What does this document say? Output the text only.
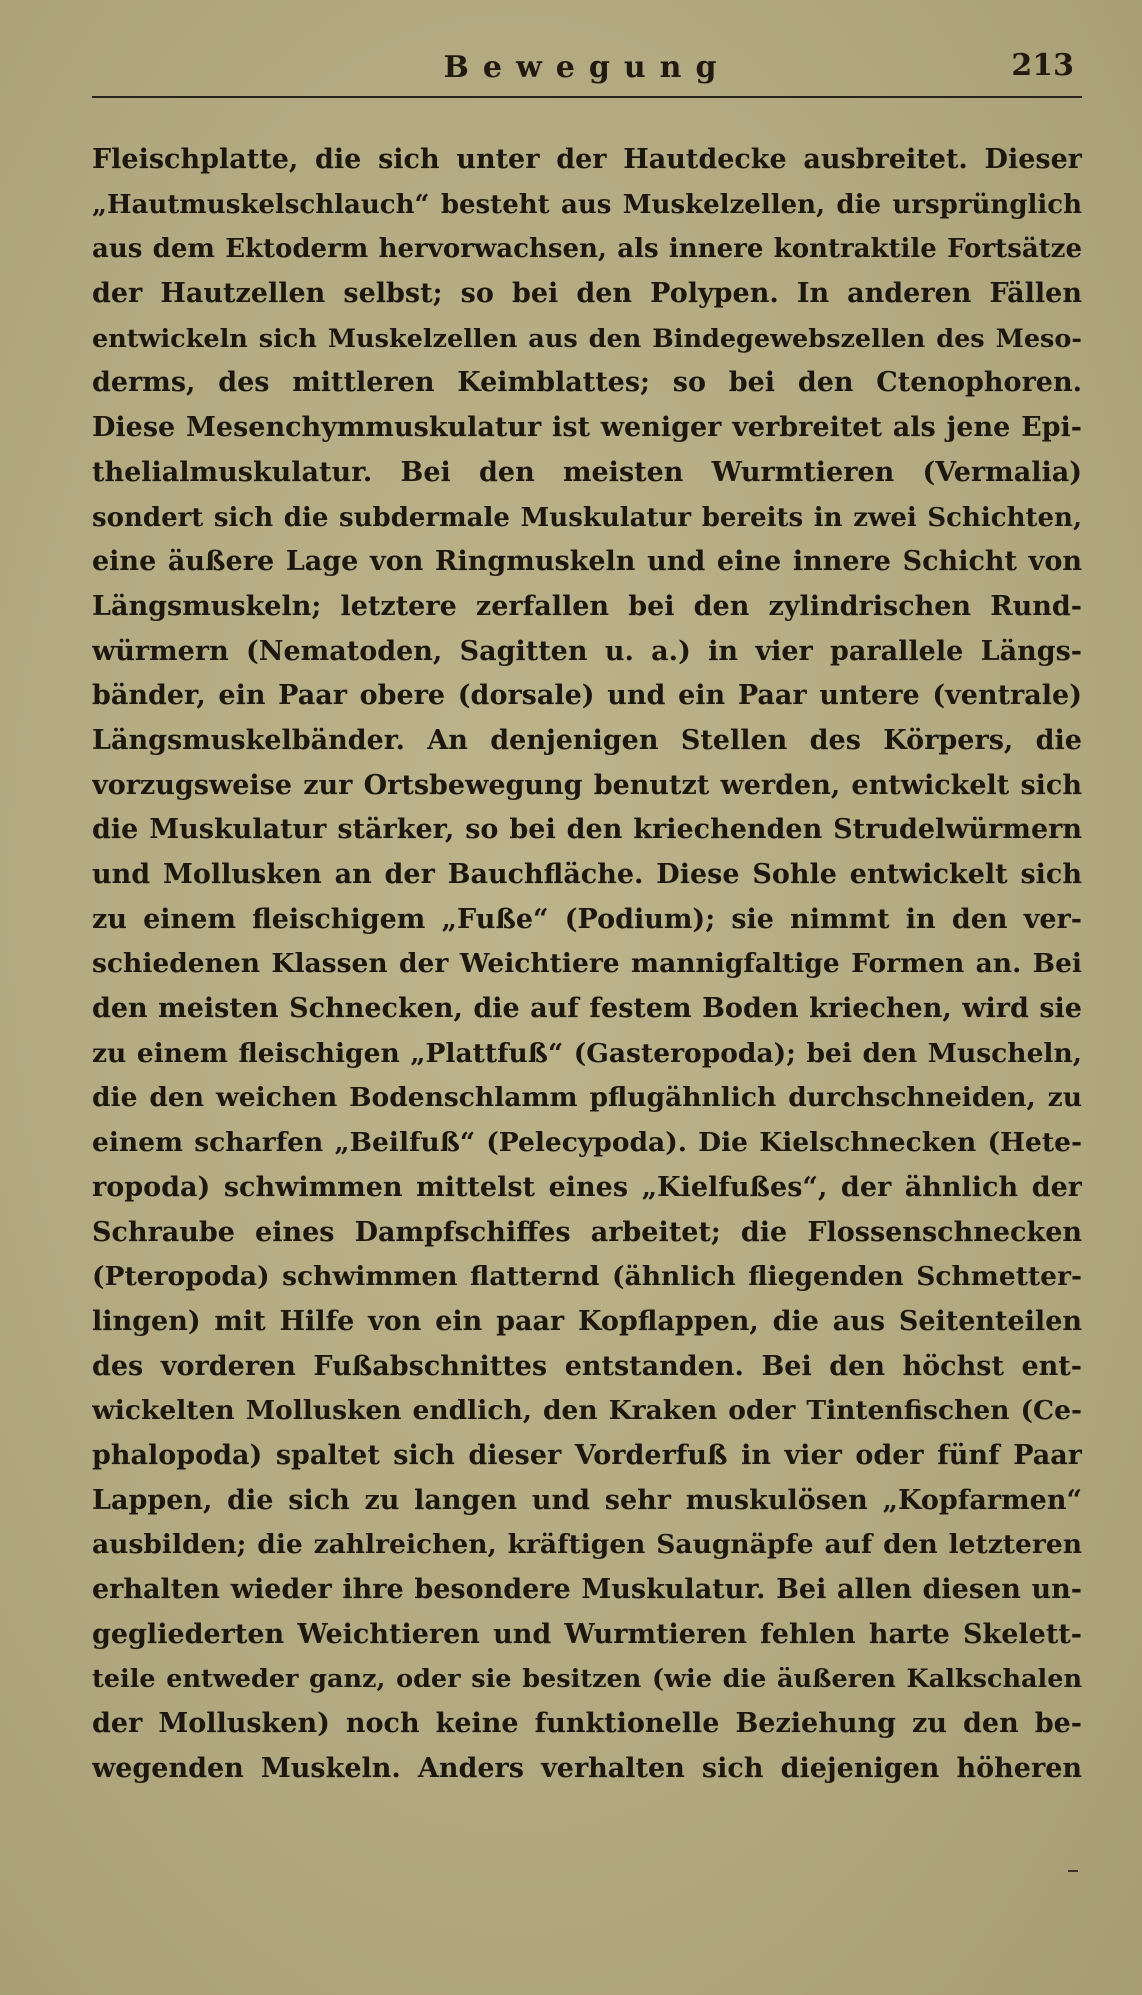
Bewegung	213
Fleischplatte, die sich unter der Hautdecke ausbreitet. Dieser
„Hautmuskelschlauch“ besteht aus Muskelzellen, die ursprünglich
aus dem Ektoderm hervorwachsen, als innere kontraktile Fortsätze
der Hautzellen selbst; so bei den Polypen. In anderen Fällen
entwickeln sich Muskelzellen aus den Bindegewebszellen des Meso-
derms, des mittleren Keimblattes; so bei den Ctenophoren.
Diese Mesenchymmuskulatur ist weniger verbreitet als jene Epi-
thelialmuskulatur. Bei den meisten Wurmtieren (Vermalia)
sondert sich die subdermale Muskulatur bereits in zwei Schichten,
eine äußere Lage von Ringmuskeln und eine innere Schicht von
Längsmuskeln; letztere zerfallen bei den zylindrischen Rund-
würmern (Nematoden, Sagitten u. a.) in vier parallele Längs-
bänder, ein Paar obere (dorsale) und ein Paar untere (ventrale)
Längsmuskelbänder. An denjenigen Stellen des Körpers, die
vorzugsweise zur Ortsbewegung benutzt werden, entwickelt sich
die Muskulatur stärker, so bei den kriechenden Strudelwürmern
und Mollusken an der Bauchfläche. Diese Sohle entwickelt sich
zu einem fleischigem „Fuße“ (Podium); sie nimmt in den ver-
schiedenen Klassen der Weichtiere mannigfaltige Formen an. Bei
den meisten Schnecken, die auf festem Boden kriechen, wird sie
zu einem fleischigen „Plattfuß“ (Gasteropoda); bei den Muscheln,
die den weichen Bodenschlamm pflugähnlich durchschneiden, zu
einem scharfen „Beilfuß“ (Pelecypoda). Die Kielschnecken (Hete-
ropoda) schwimmen mittelst eines „Kielfußes“, der ähnlich der
Schraube eines Dampfschiffes arbeitet; die Flossenschnecken
(Pteropoda) schwimmen flatternd (ähnlich fliegenden Schmetter-
lingen) mit Hilfe von ein paar Kopflappen, die aus Seitenteilen
des vorderen Fußabschnittes entstanden. Bei den höchst ent-
wickelten Mollusken endlich, den Kraken oder Tintenfischen (Ce-
phalopoda) spaltet sich dieser Vorderfuß in vier oder fünf Paar
Lappen, die sich zu langen und sehr muskulösen „Kopfarmen“
ausbilden; die zahlreichen, kräftigen Saugnäpfe auf den letzteren
erhalten wieder ihre besondere Muskulatur. Bei allen diesen un-
gegliederten Weichtieren und Wurmtieren fehlen harte Skelett-
teile entweder ganz, oder sie besitzen (wie die äußeren Kalkschalen
der Mollusken) noch keine funktionelle Beziehung zu den be-
wegenden Muskeln. Anders verhalten sich diejenigen höheren
